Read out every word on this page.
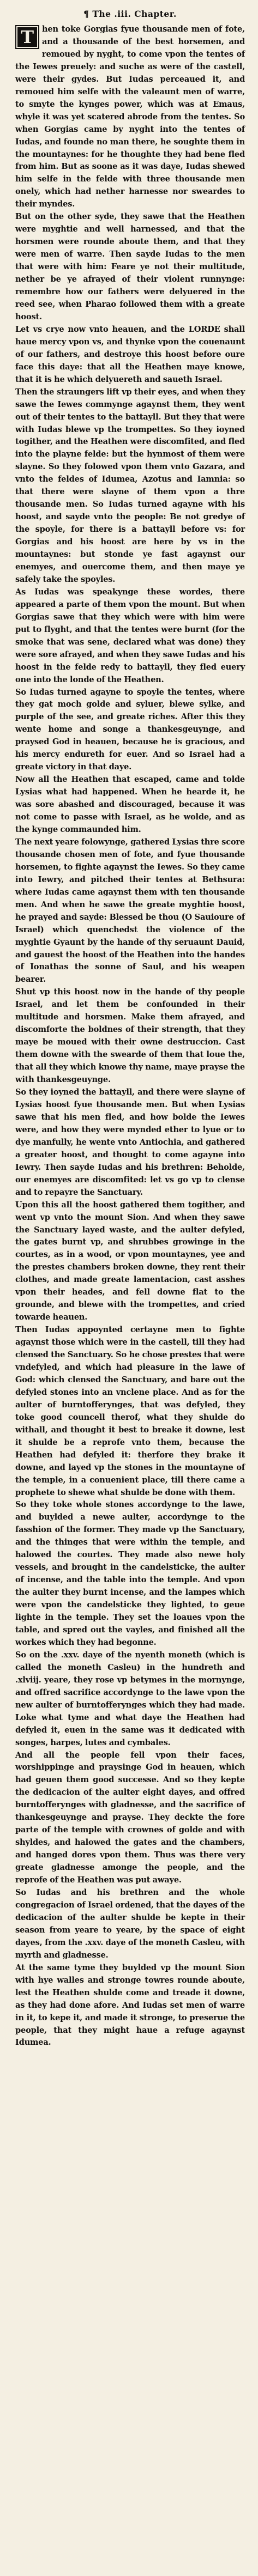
¶ The .iii. Chapter.

T	hen toke Gorgias fyue thousande men of fote, and a thousande of the best horsemen, and remoued by nyght, to come vpon the tentes of the Iewes preuely: and suche as were of the castell, were their gydes. But Iudas perceaued it, and remoued him selfe with the valeaunt men of warre, to smyte the kynges power, which was at Emaus, whyle it was yet scatered abrode from the tentes. So when Gorgias came by nyght into the tentes of Iudas, and founde no man there, he soughte them in the mountaynes: for he thoughte they had bene fled from him. But as soone as it was daye, Iudas shewed him selfe in the felde with three thousande men onely, which had nether harnesse nor sweardes to their myndes.

But on the other syde, they sawe that the Heathen were myghtie and well harnessed, and that the horsmen were rounde aboute them, and that they were men of warre. Then sayde Iudas to the men that were with him: Feare ye not their multitude, nether be ye afrayed of their violent runnynge: remembre how our fathers were delyuered in the reed see, when Pharao followed them with a greate hoost.

Let vs crye now vnto heauen, and the LORDE shall haue mercy vpon vs, and thynke vpon the couenaunt of our fathers, and destroye this hoost before oure face this daye: that all the Heathen maye knowe, that it is he which delyuereth and saueth Israel.

Then the straungers lift vp their eyes, and when they sawe the Iewes commynge agaynst them, they went out of their tentes to the battayll. But they that were with Iudas blewe vp the trompettes. So they ioyned togither, and the Heathen were discomfited, and fled into the playne felde: but the hynmost of them were slayne. So they folowed vpon them vnto Gazara, and vnto the feldes of Idumea, Azotus and Iamnia: so that there were slayne of them vpon a thre thousande men. So Iudas turned agayne with his hoost, and sayde vnto the people: Be not gredye of the spoyle, for there is a battayll before vs: for Gorgias and his hoost are here by vs in the mountaynes: but stonde ye fast agaynst our enemyes, and ouercome them, and then maye ye safely take the spoyles.

As Iudas was speakynge these wordes, there appeared a parte of them vpon the mount. But when Gorgias sawe that they which were with him were put to flyght, and that the tentes were burnt (for the smoke that was sene, declared what was done) they were sore afrayed, and when they sawe Iudas and his hoost in the felde redy to battayll, they fled euery one into the londe of the Heathen.

So Iudas turned agayne to spoyle the tentes, where they gat moch golde and syluer, blewe sylke, and purple of the see, and greate riches. After this they wente home and songe a thankesgeuynge, and praysed God in heauen, because he is gracious, and his mercy endureth for euer. And so Israel had a greate victory in that daye.

Now all the Heathen that escaped, came and tolde Lysias what had happened. When he hearde it, he was sore abashed and discouraged, because it was not come to passe with Israel, as he wolde, and as the kynge commaunded him.

The next yeare folowynge, gathered Lysias thre score thousande chosen men of fote, and fyue thousande horsemen, to fighte agaynst the Iewes. So they came into Iewry, and pitched their tentes at Bethsura: where Iudas came agaynst them with ten thousande men. And when he sawe the greate myghtie hoost, he prayed and sayde: Blessed be thou (O Sauioure of Israel) which quenchedst the violence of the myghtie Gyaunt by the hande of thy seruaunt Dauid, and gauest the hoost of the Heathen into the handes of Ionathas the sonne of Saul, and his weapen bearer.

Shut vp this hoost now in the hande of thy people Israel, and let them be confounded in their multitude and horsmen. Make them afrayed, and discomforte the boldnes of their strength, that they maye be moued with their owne destruccion. Cast them downe with the swearde of them that loue the, that all they which knowe thy name, maye prayse the with thankesgeuynge.

So they ioyned the battayll, and there were slayne of Lysias hoost fyue thousande men. But when Lysias sawe that his men fled, and how bolde the Iewes were, and how they were mynded ether to lyue or to dye manfully, he wente vnto Antiochia, and gathered a greater hoost, and thought to come agayne into Iewry. Then sayde Iudas and his brethren: Beholde, our enemyes are discomfited: let vs go vp to clense and to repayre the Sanctuary.

Upon this all the hoost gathered them togither, and went vp vnto the mount Sion. And when they sawe the Sanctuary layed waste, and the aulter defyled, the gates burnt vp, and shrubbes growinge in the courtes, as in a wood, or vpon mountaynes, yee and the prestes chambers broken downe, they rent their clothes, and made greate lamentacion, cast asshes vpon their heades, and fell downe flat to the grounde, and blewe with the trompettes, and cried towarde heauen.

Then Iudas appoynted certayne men to fighte agaynst those which were in the castell, till they had clensed the Sanctuary. So he chose prestes that were vndefyled, and which had pleasure in the lawe of God: which clensed the Sanctuary, and bare out the defyled stones into an vnclene place. And as for the aulter of burntofferynges, that was defyled, they toke good councell therof, what they shulde do withall, and thought it best to breake it downe, lest it shulde be a reprofe vnto them, because the Heathen had defyled it: therfore they brake it downe, and layed vp the stones in the mountayne of the temple, in a conuenient place, till there came a prophete to shewe what shulde be done with them.

So they toke whole stones accordynge to the lawe, and buylded a newe aulter, accordynge to the fasshion of the former. They made vp the Sanctuary, and the thinges that were within the temple, and halowed the courtes. They made also newe holy vessels, and brought in the candelsticke, the aulter of incense, and the table into the temple. And vpon the aulter they burnt incense, and the lampes which were vpon the candelsticke they lighted, to geue lighte in the temple. They set the loaues vpon the table, and spred out the vayles, and finished all the workes which they had begonne.

So on the .xxv. daye of the nyenth moneth (which is called the moneth Casleu) in the hundreth and .xlviij. yeare, they rose vp betymes in the mornynge, and offred sacrifice accordynge to the lawe vpon the new aulter of burntofferynges which they had made. Loke what tyme and what daye the Heathen had defyled it, euen in the same was it dedicated with songes, harpes, lutes and cymbales.

And all the people fell vpon their faces, worshippinge and praysinge God in heauen, which had geuen them good successe. And so they kepte the dedicacion of the aulter eight dayes, and offred burntofferynges with gladnesse, and the sacrifice of thankesgeuynge and prayse. They deckte the fore parte of the temple with crownes of golde and with shyldes, and halowed the gates and the chambers, and hanged dores vpon them. Thus was there very greate gladnesse amonge the people, and the reprofe of the Heathen was put awaye.

So Iudas and his brethren and the whole congregacion of Israel ordened, that the dayes of the dedicacion of the aulter shulde be kepte in their season from yeare to yeare, by the space of eight dayes, from the .xxv. daye of the moneth Casleu, with myrth and gladnesse.

At the same tyme they buylded vp the mount Sion with hye walles and stronge towres rounde aboute, lest the Heathen shulde come and treade it downe, as they had done afore. And Iudas set men of warre in it, to kepe it, and made it stronge, to preserue the people, that they might haue a refuge agaynst Idumea.
